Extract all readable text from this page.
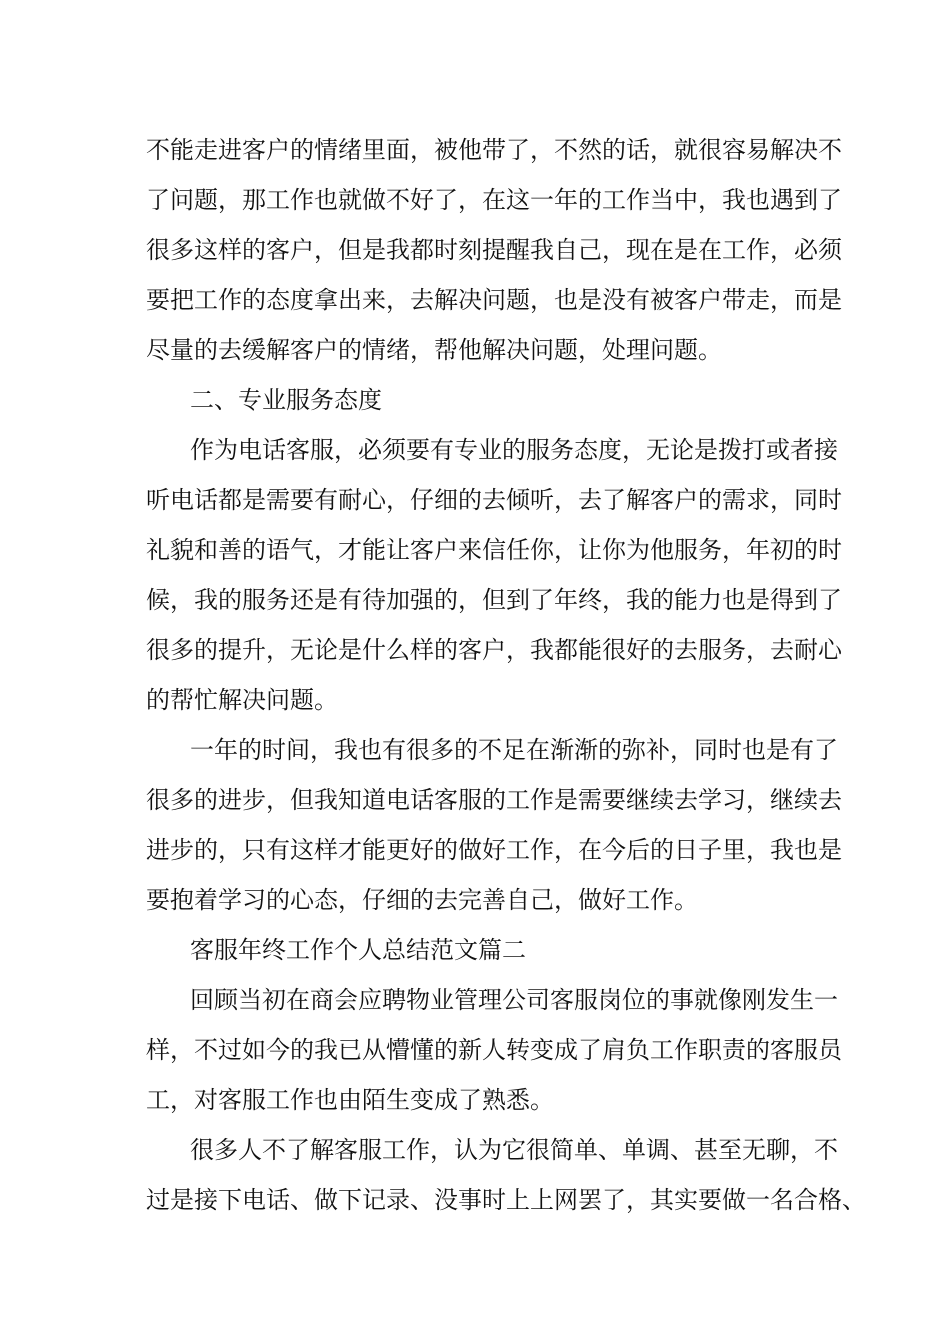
不能走进客户的情绪里面，被他带了，不然的话，就很容易解决不
了问题，那工作也就做不好了，在这一年的工作当中，我也遇到了
很多这样的客户，但是我都时刻提醒我自己，现在是在工作，必须
要把工作的态度拿出来，去解决问题，也是没有被客户带走，而是
尽量的去缓解客户的情绪，帮他解决问题，处理问题。
二、专业服务态度
作为电话客服，必须要有专业的服务态度，无论是拨打或者接
听电话都是需要有耐心，仔细的去倾听，去了解客户的需求，同时
礼貌和善的语气，才能让客户来信任你，让你为他服务，年初的时
候，我的服务还是有待加强的，但到了年终，我的能力也是得到了
很多的提升，无论是什么样的客户，我都能很好的去服务，去耐心
的帮忙解决问题。
一年的时间，我也有很多的不足在渐渐的弥补，同时也是有了
很多的进步，但我知道电话客服的工作是需要继续去学习，继续去
进步的，只有这样才能更好的做好工作，在今后的日子里，我也是
要抱着学习的心态，仔细的去完善自己，做好工作。
客服年终工作个人总结范文篇二
回顾当初在商会应聘物业管理公司客服岗位的事就像刚发生一
样，不过如今的我已从懵懂的新人转变成了肩负工作职责的客服员
工，对客服工作也由陌生变成了熟悉。
很多人不了解客服工作，认为它很简单、单调、甚至无聊，不
过是接下电话、做下记录、没事时上上网罢了，其实要做一名合格、
